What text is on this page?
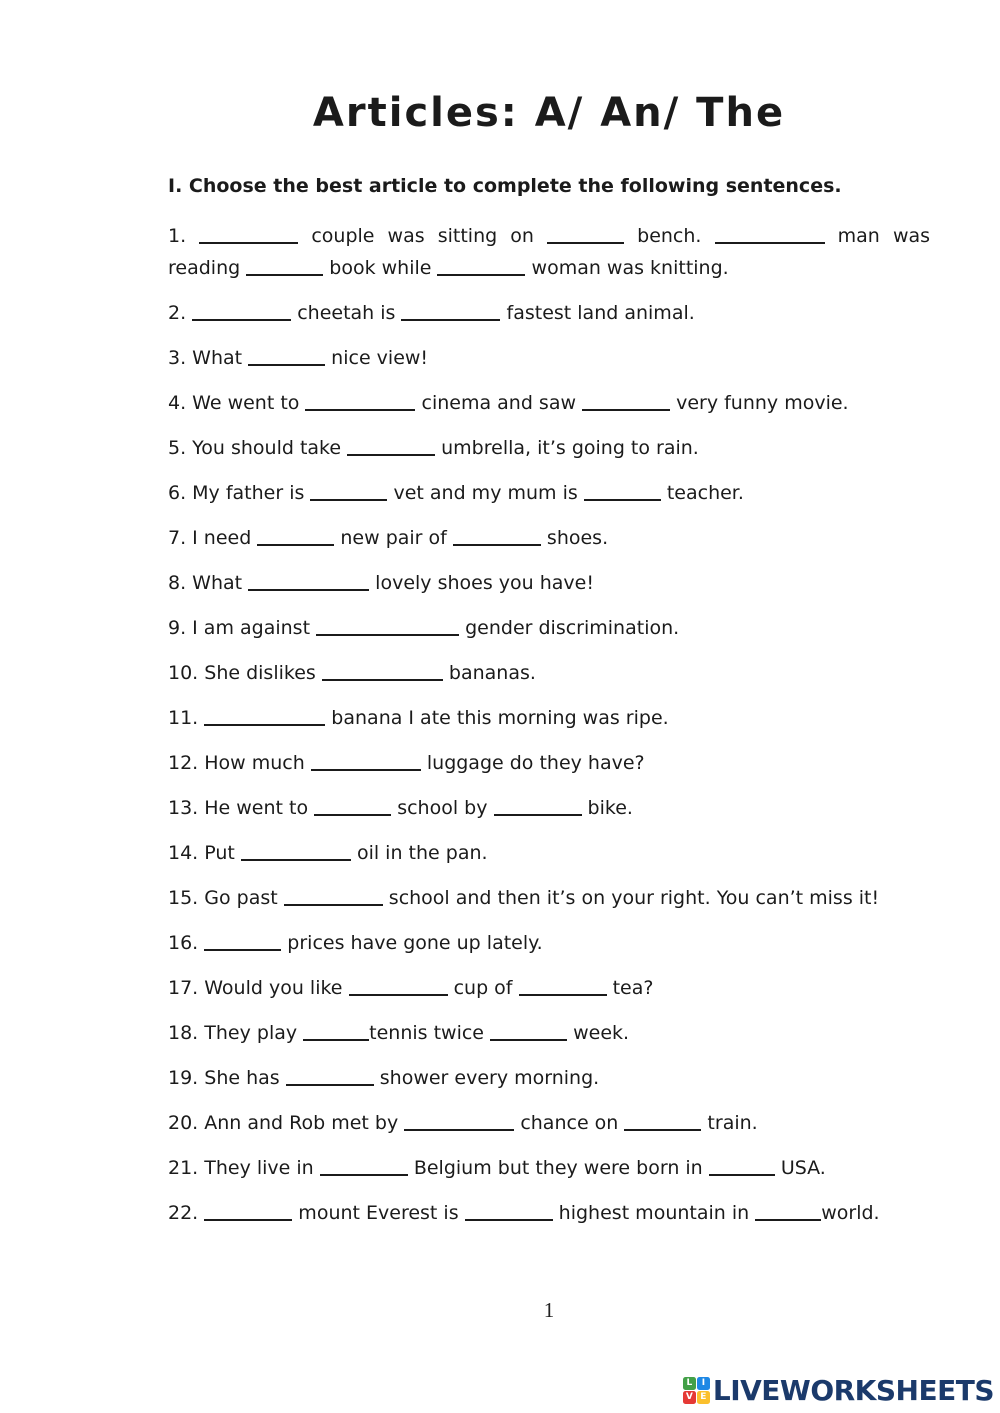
Articles: A/ An/ The
I. Choose the best article to complete the following sentences.
1.	couple was sitting on	bench.	man was
reading	book while	woman was knitting.
2.	cheetah is	fastest land animal.
3. What	nice view!
4. We went to	cinema and saw	very funny movie.
5. You should take	umbrella, it’s going to rain.
6. My father is	vet and my mum is	teacher.
7. I need	new pair of	shoes.
8. What	lovely shoes you have!
9. I am against	gender discrimination.
10. She dislikes	bananas.
11.	banana I ate this morning was ripe.
12. How much	luggage do they have?
13. He went to	school by	bike.
14. Put	oil in the pan.
15. Go past	school and then it’s on your right. You can’t miss it!
16.	prices have gone up lately.
17. Would you like	cup of	tea?
18. They play	tennis twice	week.
19. She has	shower every morning.
20. Ann and Rob met by	chance on	train.
21. They live in	Belgium but they were born in	USA.
22.	mount Everest is	highest mountain in	world.
1
L	I
V E LIVEWORKSHEETS
